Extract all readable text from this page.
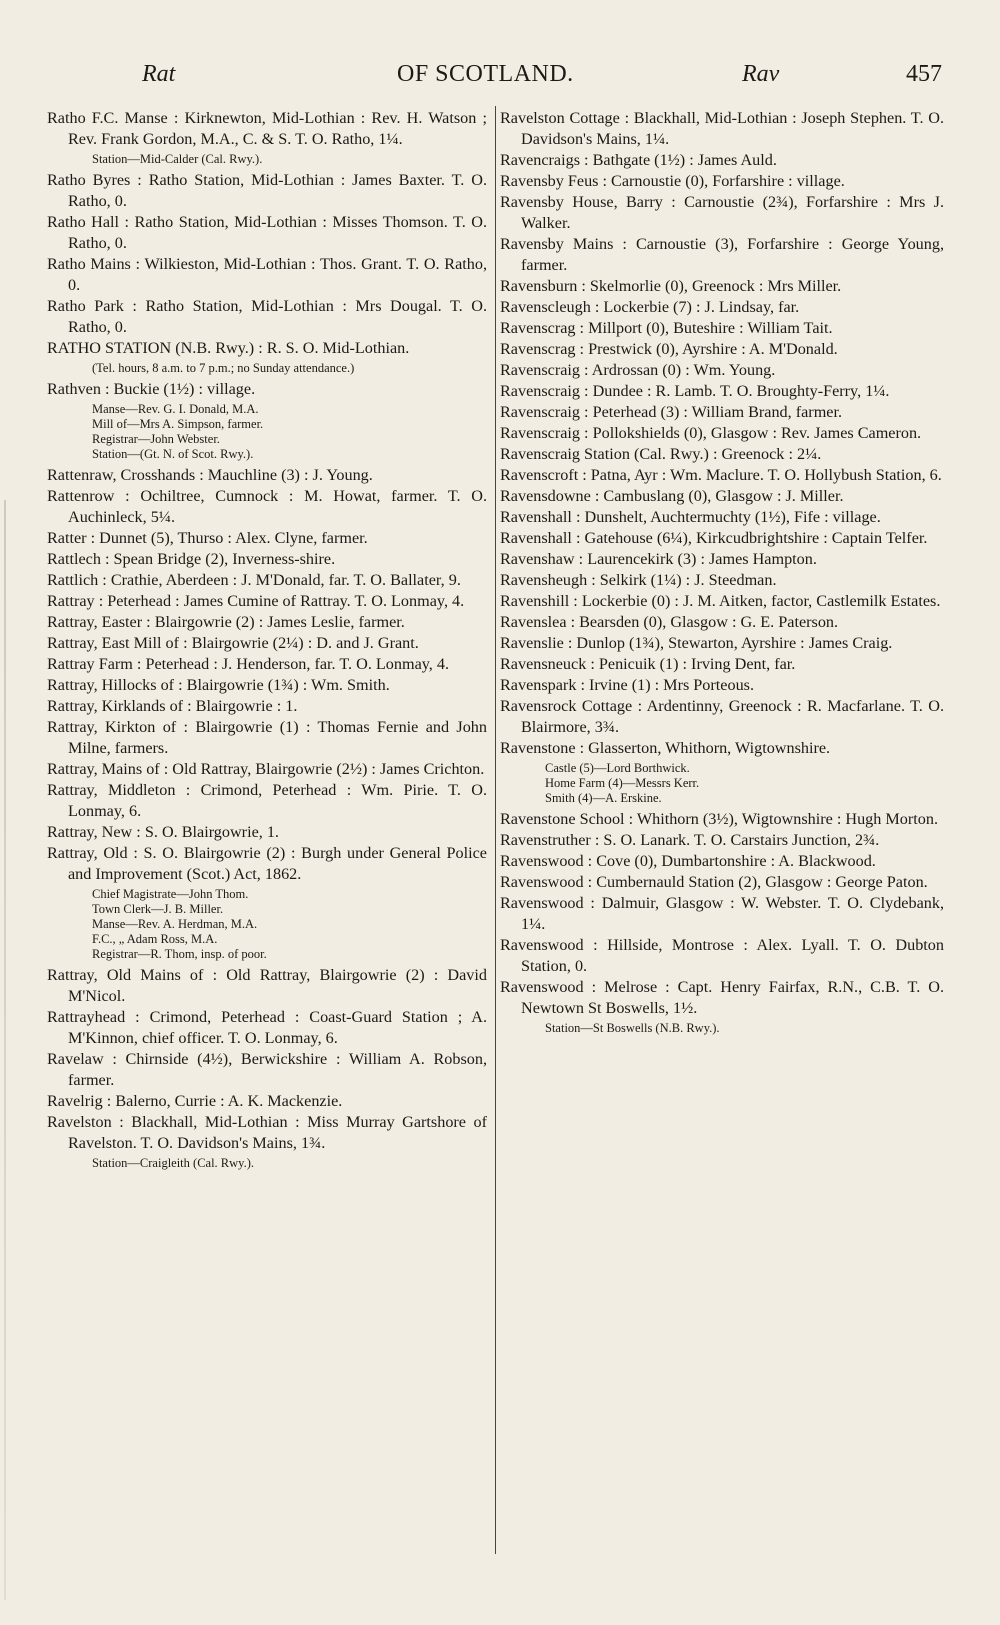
Rat	OF SCOTLAND.	Rav	457

Ratho F.C. Manse : Kirknewton, Mid-Lothian : Rev. H. Watson ; Rev. Frank Gordon, M.A., C. & S. T. O. Ratho, 1¼.

Station—Mid-Calder (Cal. Rwy.).

Ratho Byres : Ratho Station, Mid-Lothian : James Baxter. T. O. Ratho, 0.

Ratho Hall : Ratho Station, Mid-Lothian : Misses Thomson. T. O. Ratho, 0.

Ratho Mains : Wilkieston, Mid-Lothian : Thos. Grant. T. O. Ratho, 0.

Ratho Park : Ratho Station, Mid-Lothian : Mrs Dougal. T. O. Ratho, 0.

RATHO STATION (N.B. Rwy.) : R. S. O. Mid-Lothian.

(Tel. hours, 8 a.m. to 7 p.m.; no Sunday attendance.)

Rathven : Buckie (1½) : village.

Manse—Rev. G. I. Donald, M.A.
Mill of—Mrs A. Simpson, farmer.
Registrar—John Webster.
Station—(Gt. N. of Scot. Rwy.).

Rattenraw, Crosshands : Mauchline (3) : J. Young.

Rattenrow : Ochiltree, Cumnock : M. Howat, farmer. T. O. Auchinleck, 5¼.

Ratter : Dunnet (5), Thurso : Alex. Clyne, farmer.

Rattlech : Spean Bridge (2), Inverness-shire.

Rattlich : Crathie, Aberdeen : J. M'Donald, far. T. O. Ballater, 9.

Rattray : Peterhead : James Cumine of Rattray. T. O. Lonmay, 4.

Rattray, Easter : Blairgowrie (2) : James Leslie, farmer.

Rattray, East Mill of : Blairgowrie (2¼) : D. and J. Grant.

Rattray Farm : Peterhead : J. Henderson, far. T. O. Lonmay, 4.

Rattray, Hillocks of : Blairgowrie (1¾) : Wm. Smith.

Rattray, Kirklands of : Blairgowrie : 1.

Rattray, Kirkton of : Blairgowrie (1) : Thomas Fernie and John Milne, farmers.

Rattray, Mains of : Old Rattray, Blairgowrie (2½) : James Crichton.

Rattray, Middleton : Crimond, Peterhead : Wm. Pirie. T. O. Lonmay, 6.

Rattray, New : S. O. Blairgowrie, 1.

Rattray, Old : S. O. Blairgowrie (2) : Burgh under General Police and Improvement (Scot.) Act, 1862.

Chief Magistrate—John Thom.
Town Clerk—J. B. Miller.
Manse—Rev. A. Herdman, M.A.
F.C., „ Adam Ross, M.A.
Registrar—R. Thom, insp. of poor.

Rattray, Old Mains of : Old Rattray, Blairgowrie (2) : David M'Nicol.

Rattrayhead : Crimond, Peterhead : Coast-Guard Station ; A. M'Kinnon, chief officer. T. O. Lonmay, 6.

Ravelaw : Chirnside (4½), Berwickshire : William A. Robson, farmer.

Ravelrig : Balerno, Currie : A. K. Mackenzie.

Ravelston : Blackhall, Mid-Lothian : Miss Murray Gartshore of Ravelston. T. O. Davidson's Mains, 1¾.

Station—Craigleith (Cal. Rwy.).

Ravelston Cottage : Blackhall, Mid-Lothian : Joseph Stephen. T. O. Davidson's Mains, 1¼.

Ravencraigs : Bathgate (1½) : James Auld.

Ravensby Feus : Carnoustie (0), Forfarshire : village.

Ravensby House, Barry : Carnoustie (2¾), Forfarshire : Mrs J. Walker.

Ravensby Mains : Carnoustie (3), Forfarshire : George Young, farmer.

Ravensburn : Skelmorlie (0), Greenock : Mrs Miller.

Ravenscleugh : Lockerbie (7) : J. Lindsay, far.

Ravenscrag : Millport (0), Buteshire : William Tait.

Ravenscrag : Prestwick (0), Ayrshire : A. M'Donald.

Ravenscraig : Ardrossan (0) : Wm. Young.

Ravenscraig : Dundee : R. Lamb. T. O. Broughty-Ferry, 1¼.

Ravenscraig : Peterhead (3) : William Brand, farmer.

Ravenscraig : Pollokshields (0), Glasgow : Rev. James Cameron.

Ravenscraig Station (Cal. Rwy.) : Greenock : 2¼.

Ravenscroft : Patna, Ayr : Wm. Maclure. T. O. Hollybush Station, 6.

Ravensdowne : Cambuslang (0), Glasgow : J. Miller.

Ravenshall : Dunshelt, Auchtermuchty (1½), Fife : village.

Ravenshall : Gatehouse (6¼), Kirkcudbrightshire : Captain Telfer.

Ravenshaw : Laurencekirk (3) : James Hampton.

Ravensheugh : Selkirk (1¼) : J. Steedman.

Ravenshill : Lockerbie (0) : J. M. Aitken, factor, Castlemilk Estates.

Ravenslea : Bearsden (0), Glasgow : G. E. Paterson.

Ravenslie : Dunlop (1¾), Stewarton, Ayrshire : James Craig.

Ravensneuck : Penicuik (1) : Irving Dent, far.

Ravenspark : Irvine (1) : Mrs Porteous.

Ravensrock Cottage : Ardentinny, Greenock : R. Macfarlane. T. O. Blairmore, 3¾.

Ravenstone : Glasserton, Whithorn, Wigtownshire.

Castle (5)—Lord Borthwick.
Home Farm (4)—Messrs Kerr.
Smith (4)—A. Erskine.

Ravenstone School : Whithorn (3½), Wigtownshire : Hugh Morton.

Ravenstruther : S. O. Lanark. T. O. Carstairs Junction, 2¾.

Ravenswood : Cove (0), Dumbartonshire : A. Blackwood.

Ravenswood : Cumbernauld Station (2), Glasgow : George Paton.

Ravenswood : Dalmuir, Glasgow : W. Webster. T. O. Clydebank, 1¼.

Ravenswood : Hillside, Montrose : Alex. Lyall. T. O. Dubton Station, 0.

Ravenswood : Melrose : Capt. Henry Fairfax, R.N., C.B. T. O. Newtown St Boswells, 1½.

Station—St Boswells (N.B. Rwy.).
